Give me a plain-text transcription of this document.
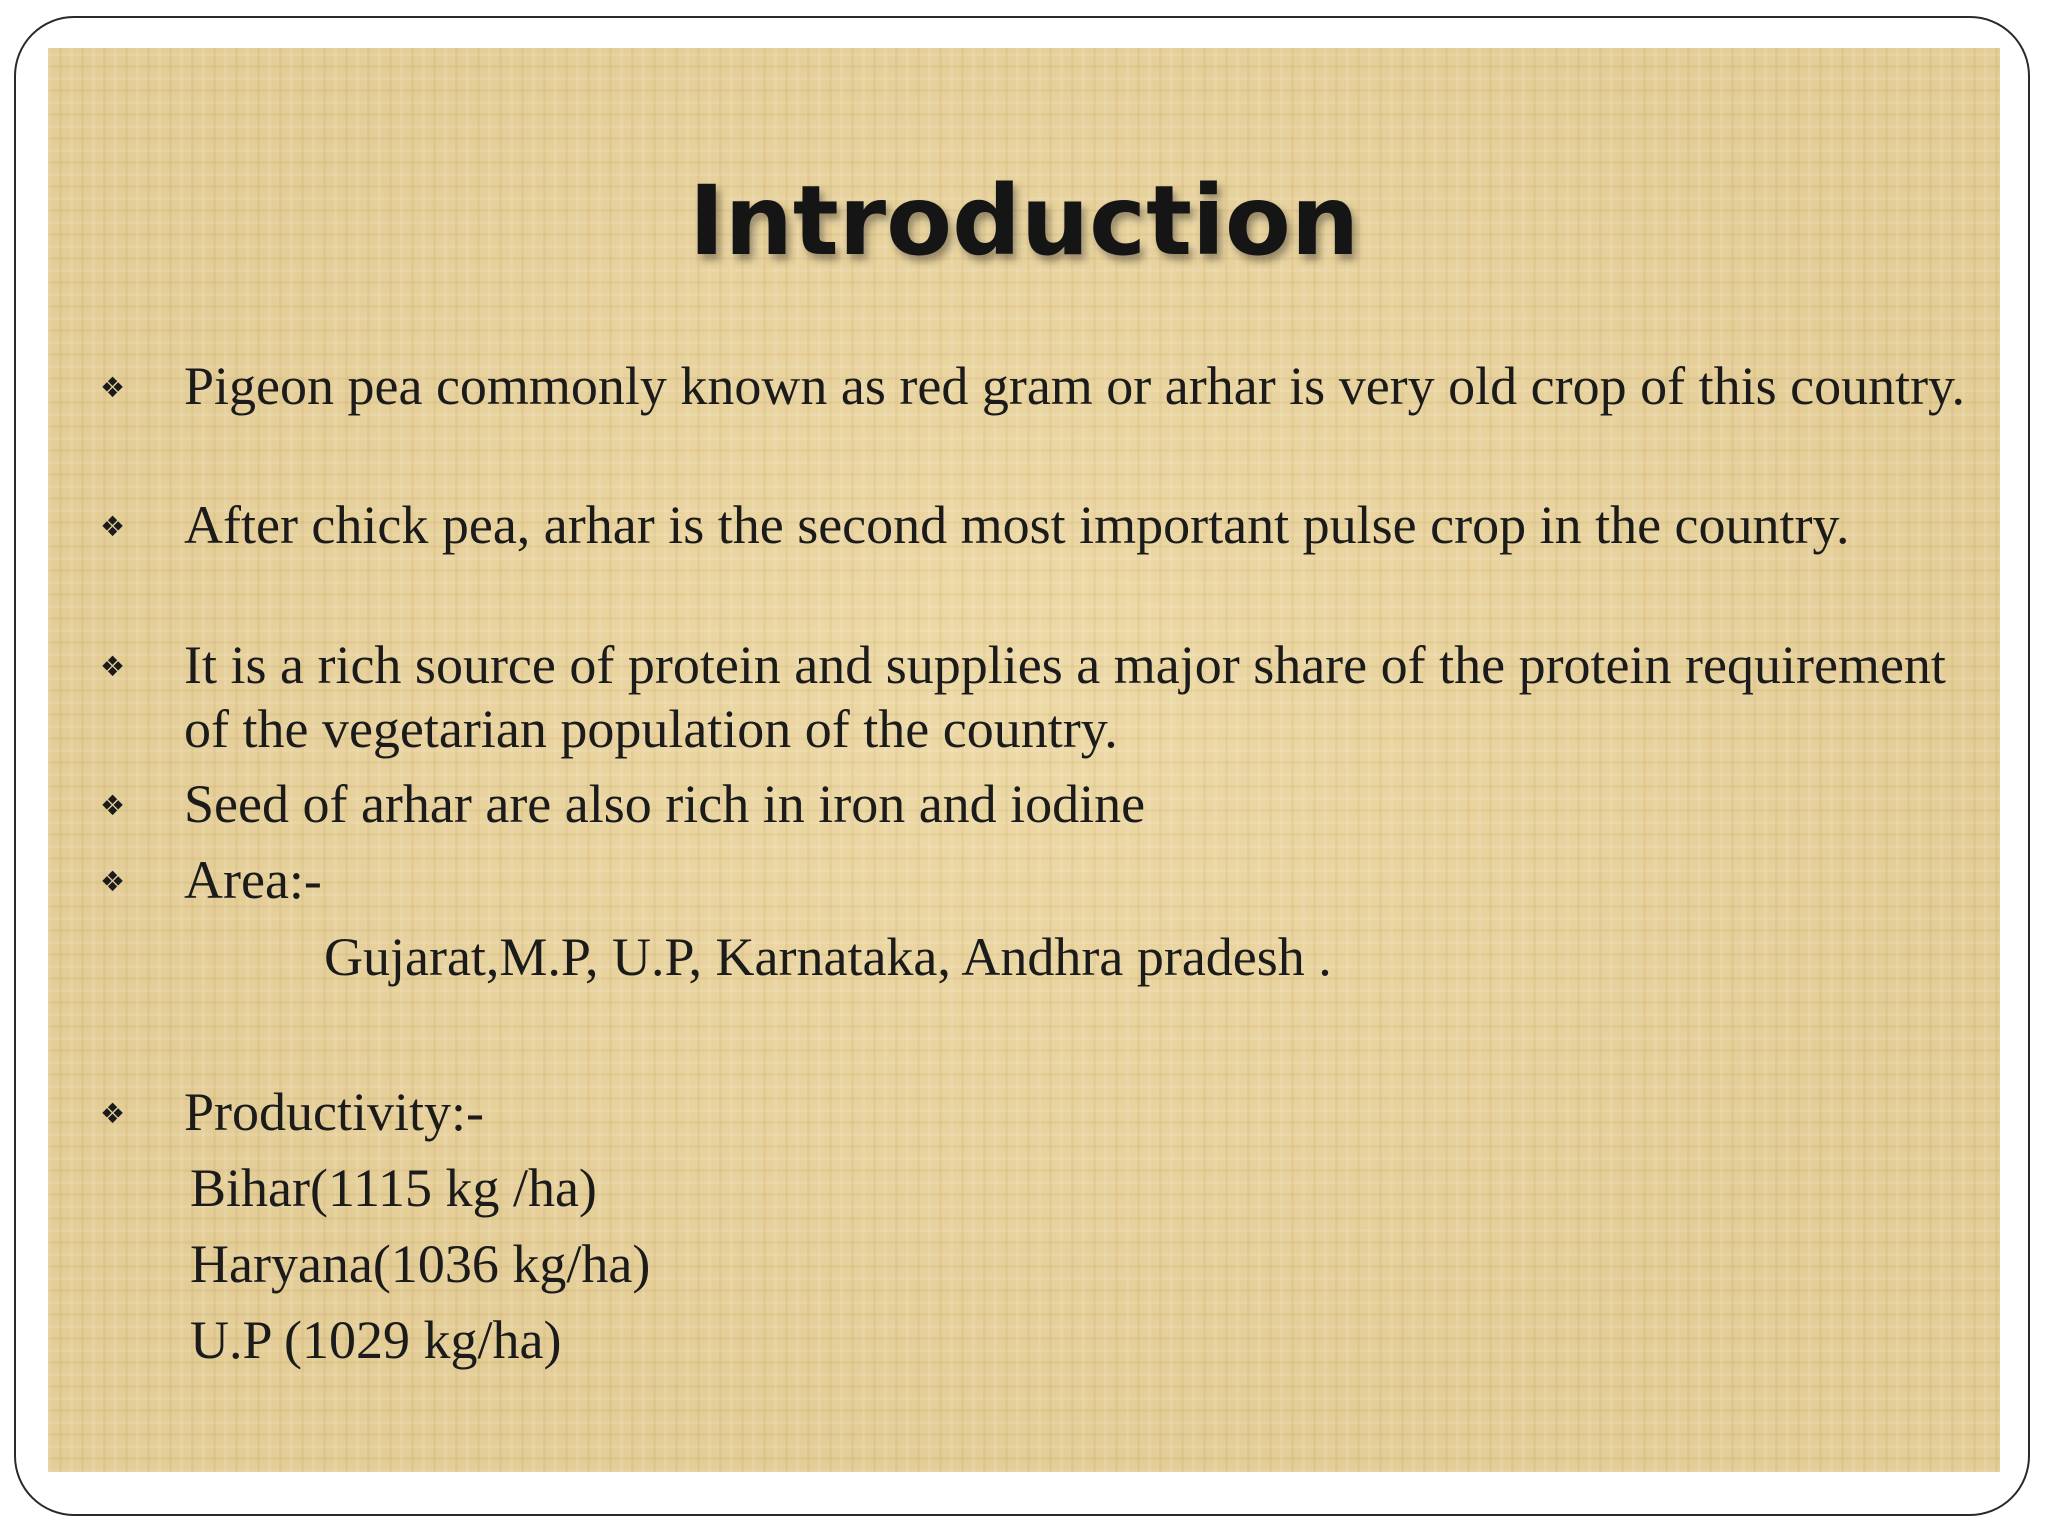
Introduction
❖ Pigeon pea commonly known as red gram or arhar is very old crop of this country.

❖ After chick pea, arhar is the second most important pulse crop in the country.

❖ It is a rich source of protein and supplies a major share of the protein requirement of the vegetarian population of the country.

❖ Seed of arhar are also rich in iron and iodine

❖ Area:-

Gujarat,M.P, U.P, Karnataka, Andhra pradesh .

❖ Productivity:-

Bihar(1115 kg /ha)

Haryana(1036 kg/ha)

U.P (1029 kg/ha)
